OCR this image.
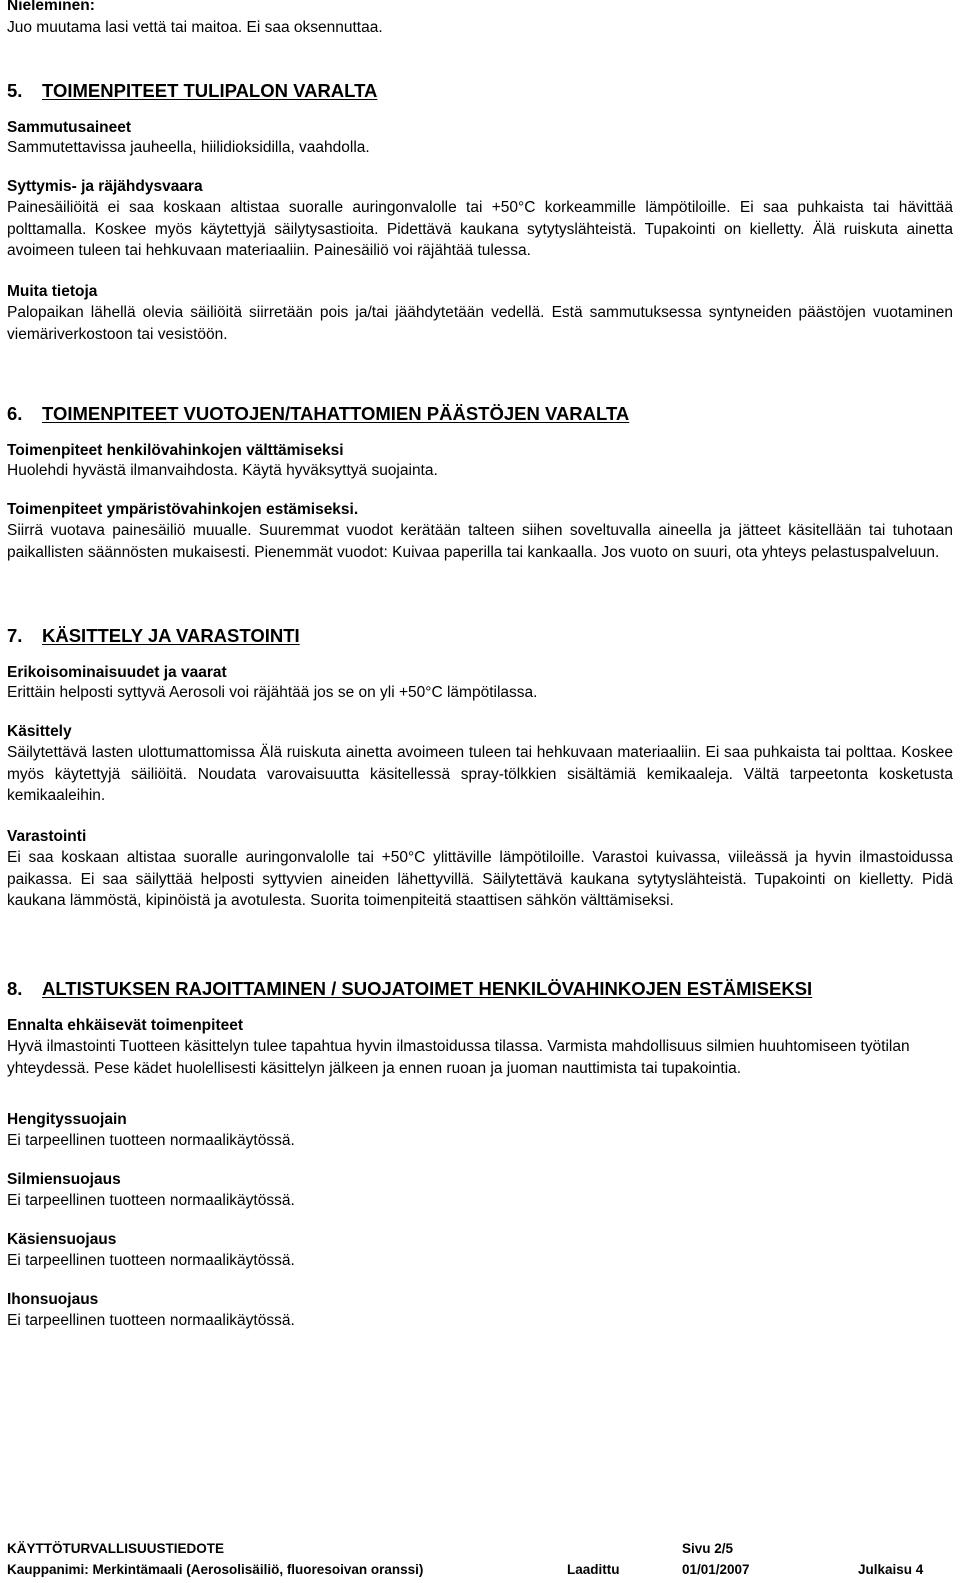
Nieleminen:
Juo muutama lasi vettä tai maitoa. Ei saa oksennuttaa.
5. TOIMENPITEET TULIPALON VARALTA
Sammutusaineet
Sammutettavissa jauheella, hiilidioksidilla, vaahdolla.
Syttymis- ja räjähdysvaara
Painesäiliöitä ei saa koskaan altistaa suoralle auringonvalolle tai +50°C korkeammille lämpötiloille. Ei saa puhkaista tai hävittää polttamalla. Koskee myös käytettyjä säilytysastioita. Pidettävä kaukana sytytyslähteistä. Tupakointi on kielletty. Älä ruiskuta ainetta avoimeen tuleen tai hehkuvaan materiaaliin. Painesäiliö voi räjähtää tulessa.
Muita tietoja
Palopaikan lähellä olevia säiliöitä siirretään pois ja/tai jäähdytetään vedellä. Estä sammutuksessa syntyneiden päästöjen vuotaminen viemäriverkostoon tai vesistöön.
6. TOIMENPITEET VUOTOJEN/TAHATTOMIEN PÄÄSTÖJEN VARALTA
Toimenpiteet henkilövahinkojen välttämiseksi
Huolehdi hyvästä ilmanvaihdosta. Käytä hyväksyttyä suojainta.
Toimenpiteet ympäristövahinkojen estämiseksi.
Siirrä vuotava painesäiliö muualle. Suuremmat vuodot kerätään talteen siihen soveltuvalla aineella ja jätteet käsitellään tai tuhotaan paikallisten säännösten mukaisesti. Pienemmät vuodot: Kuivaa paperilla tai kankaalla. Jos vuoto on suuri, ota yhteys pelastuspalveluun.
7. KÄSITTELY JA VARASTOINTI
Erikoisominaisuudet ja vaarat
Erittäin helposti syttyvä Aerosoli voi räjähtää jos se on yli +50°C lämpötilassa.
Käsittely
Säilytettävä lasten ulottumattomissa Älä ruiskuta ainetta avoimeen tuleen tai hehkuvaan materiaaliin. Ei saa puhkaista tai polttaa. Koskee myös käytettyjä säiliöitä. Noudata varovaisuutta käsitellessä spray-tölkkien sisältämiä kemikaaleja. Vältä tarpeetonta kosketusta kemikaaleihin.
Varastointi
Ei saa koskaan altistaa suoralle auringonvalolle tai +50°C ylittäville lämpötiloille. Varastoi kuivassa, viileässä ja hyvin ilmastoidussa paikassa. Ei saa säilyttää helposti syttyvien aineiden lähettyvillä. Säilytettävä kaukana sytytyslähteistä. Tupakointi on kielletty. Pidä kaukana lämmöstä, kipinöistä ja avotulesta. Suorita toimenpiteitä staattisen sähkön välttämiseksi.
8. ALTISTUKSEN RAJOITTAMINEN / SUOJATOIMET HENKILÖVAHINKOJEN ESTÄMISEKSI
Ennalta ehkäisevät toimenpiteet
Hyvä ilmastointi Tuotteen käsittelyn tulee tapahtua hyvin ilmastoidussa tilassa. Varmista mahdollisuus silmien huuhtomiseen työtilan yhteydessä. Pese kädet huolellisesti käsittelyn jälkeen ja ennen ruoan ja juoman nauttimista tai tupakointia.
Hengityssuojain
Ei tarpeellinen tuotteen normaalikäytössä.
Silmiensuojaus
Ei tarpeellinen tuotteen normaalikäytössä.
Käsiensuojaus
Ei tarpeellinen tuotteen normaalikäytössä.
Ihonsuojaus
Ei tarpeellinen tuotteen normaalikäytössä.
KÄYTTÖTURVALLISUUSTIEDOTE	Sivu 2/5
Kauppanimi: Merkintämaali (Aerosolisäiliö, fluoresoivan oranssi)	Laadittu	01/01/2007	Julkaisu 4
